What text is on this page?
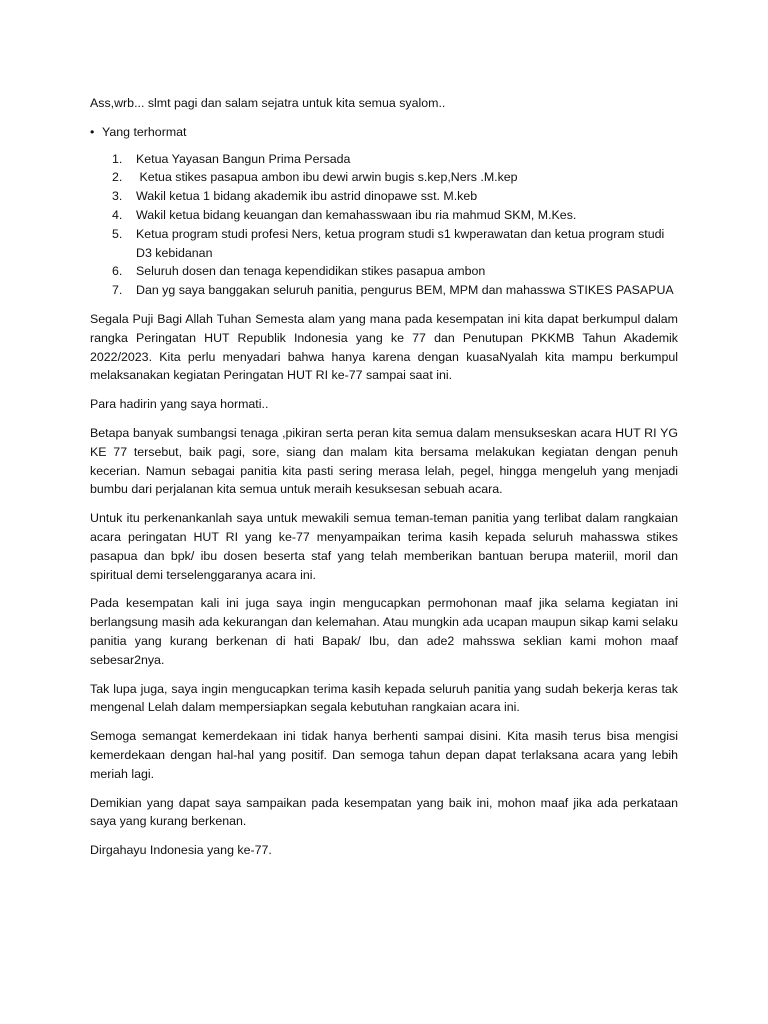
Ass,wrb... slmt pagi dan salam sejatra untuk kita semua syalom..

• Yang terhormat
1.	Ketua Yayasan Bangun Prima Persada
2.	Ketua stikes pasapua ambon ibu dewi arwin bugis s.kep,Ners .M.kep
3.	Wakil ketua 1 bidang akademik ibu astrid dinopawe sst. M.keb
4.	Wakil ketua bidang keuangan dan kemahasswaan ibu ria mahmud SKM, M.Kes.
5.	Ketua program studi profesi Ners, ketua program studi s1 kwperawatan dan ketua program studi D3 kebidanan
6.	Seluruh dosen dan tenaga kependidikan stikes pasapua ambon
7.	Dan yg saya banggakan seluruh panitia, pengurus BEM, MPM dan mahasswa STIKES PASAPUA

Segala Puji Bagi Allah Tuhan Semesta alam yang mana pada kesempatan ini kita dapat berkumpul dalam rangka Peringatan HUT Republik Indonesia yang ke 77 dan Penutupan PKKMB Tahun Akademik 2022/2023. Kita perlu menyadari bahwa hanya karena dengan kuasaNyalah kita mampu berkumpul melaksanakan kegiatan Peringatan HUT RI ke-77 sampai saat ini.

Para hadirin yang saya hormati..

Betapa banyak sumbangsi tenaga ,pikiran serta peran kita semua dalam mensukseskan acara HUT RI YG KE 77 tersebut, baik pagi, sore, siang dan malam kita bersama melakukan kegiatan dengan penuh kecerian. Namun sebagai panitia kita pasti sering merasa lelah, pegel, hingga mengeluh yang menjadi bumbu dari perjalanan kita semua untuk meraih kesuksesan sebuah acara.

Untuk itu perkenankanlah saya untuk mewakili semua teman-teman panitia yang terlibat dalam rangkaian acara peringatan HUT RI yang ke-77 menyampaikan terima kasih kepada seluruh mahasswa stikes pasapua dan bpk/ ibu dosen beserta staf yang telah memberikan bantuan berupa materiil, moril dan spiritual demi terselenggaranya acara ini.

Pada kesempatan kali ini juga saya ingin mengucapkan permohonan maaf jika selama kegiatan ini berlangsung masih ada kekurangan dan kelemahan. Atau mungkin ada ucapan maupun sikap kami selaku panitia yang kurang berkenan di hati Bapak/ Ibu, dan ade2 mahsswa seklian kami mohon maaf sebesar2nya.

Tak lupa juga, saya ingin mengucapkan terima kasih kepada seluruh panitia yang sudah bekerja keras tak mengenal Lelah dalam mempersiapkan segala kebutuhan rangkaian acara ini.

Semoga semangat kemerdekaan ini tidak hanya berhenti sampai disini. Kita masih terus bisa mengisi kemerdekaan dengan hal-hal yang positif. Dan semoga tahun depan dapat terlaksana acara yang lebih meriah lagi.

Demikian yang dapat saya sampaikan pada kesempatan yang baik ini, mohon maaf jika ada perkataan saya yang kurang berkenan.

Dirgahayu Indonesia yang ke-77.
